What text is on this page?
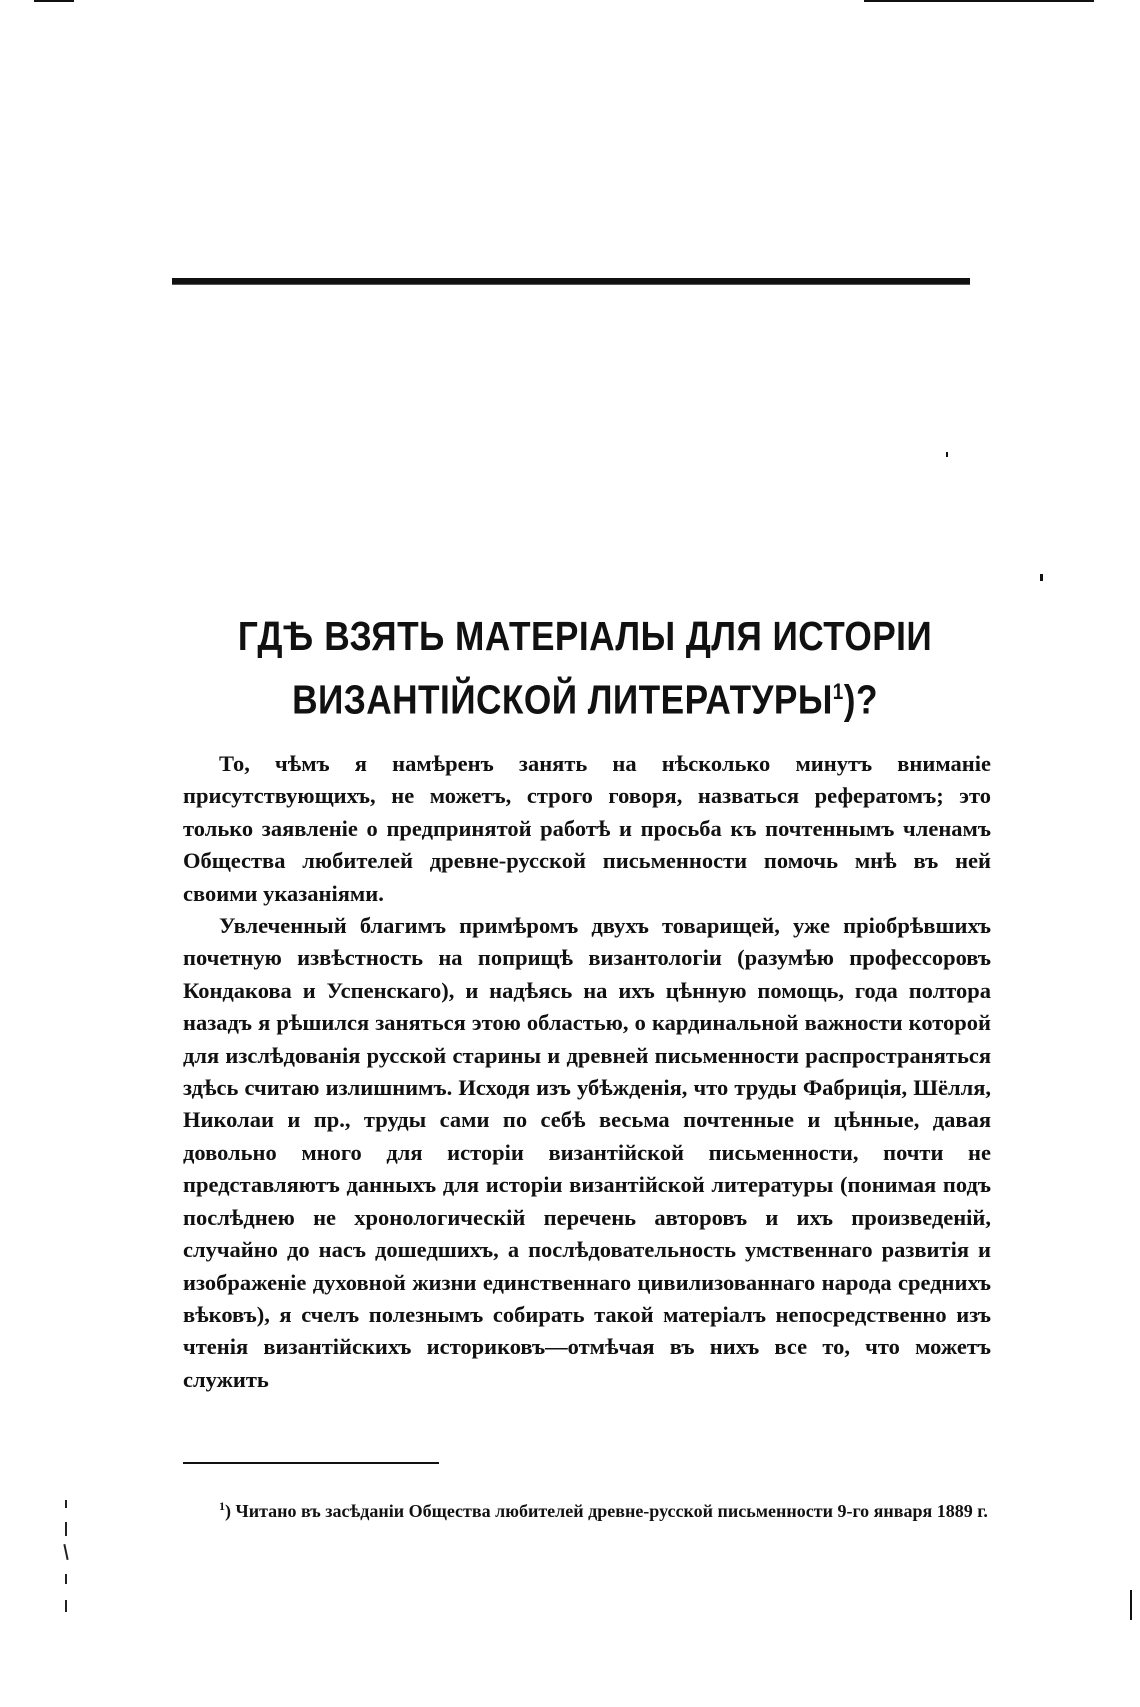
ГДѢ ВЗЯТЬ МАТЕРІАЛЫ ДЛЯ ИСТОРІИ ВИЗАНТІЙСКОЙ ЛИТЕРАТУРЫ$^1$)?

То, чѣмъ я намѣренъ занять на нѣсколько минутъ вниманіе присутствующихъ, не можетъ, строго говоря, назваться рефератомъ; это только заявленіе о предпринятой работѣ и просьба къ почтеннымъ членамъ Общества любителей древне-русской письменности помочь мнѣ въ ней своими указаніями.

Увлеченный благимъ примѣромъ двухъ товарищей, уже пріобрѣвшихъ почетную извѣстность на поприщѣ византологіи (разумѣю профессоровъ Кондакова и Успенскаго), и надѣясь на ихъ цѣнную помощь, года полтора назадъ я рѣшился заняться этою областью, о кардинальной важности которой для изслѣдованія русской старины и древней письменности распространяться здѣсь считаю излишнимъ. Исходя изъ убѣжденія, что труды Фабриція, Шёлля, Николаи и пр., труды сами по себѣ весьма почтенные и цѣнные, давая довольно много для исторіи византійской письменности, почти не представляютъ данныхъ для исторіи византійской литературы (понимая подъ послѣднею не хронологическій перечень авторовъ и ихъ произведеній, случайно до насъ дошедшихъ, а послѣдовательность умственнаго развитія и изображеніе духовной жизни единственнаго цивилизованнаго народа среднихъ вѣковъ), я счелъ полезнымъ собирать такой матеріалъ непосредственно изъ чтенія византійскихъ историковъ—отмѣчая въ нихъ все то, что можетъ служить

$^1$) Читано въ засѣданіи Общества любителей древне-русской письменности 9-го января 1889 г.
